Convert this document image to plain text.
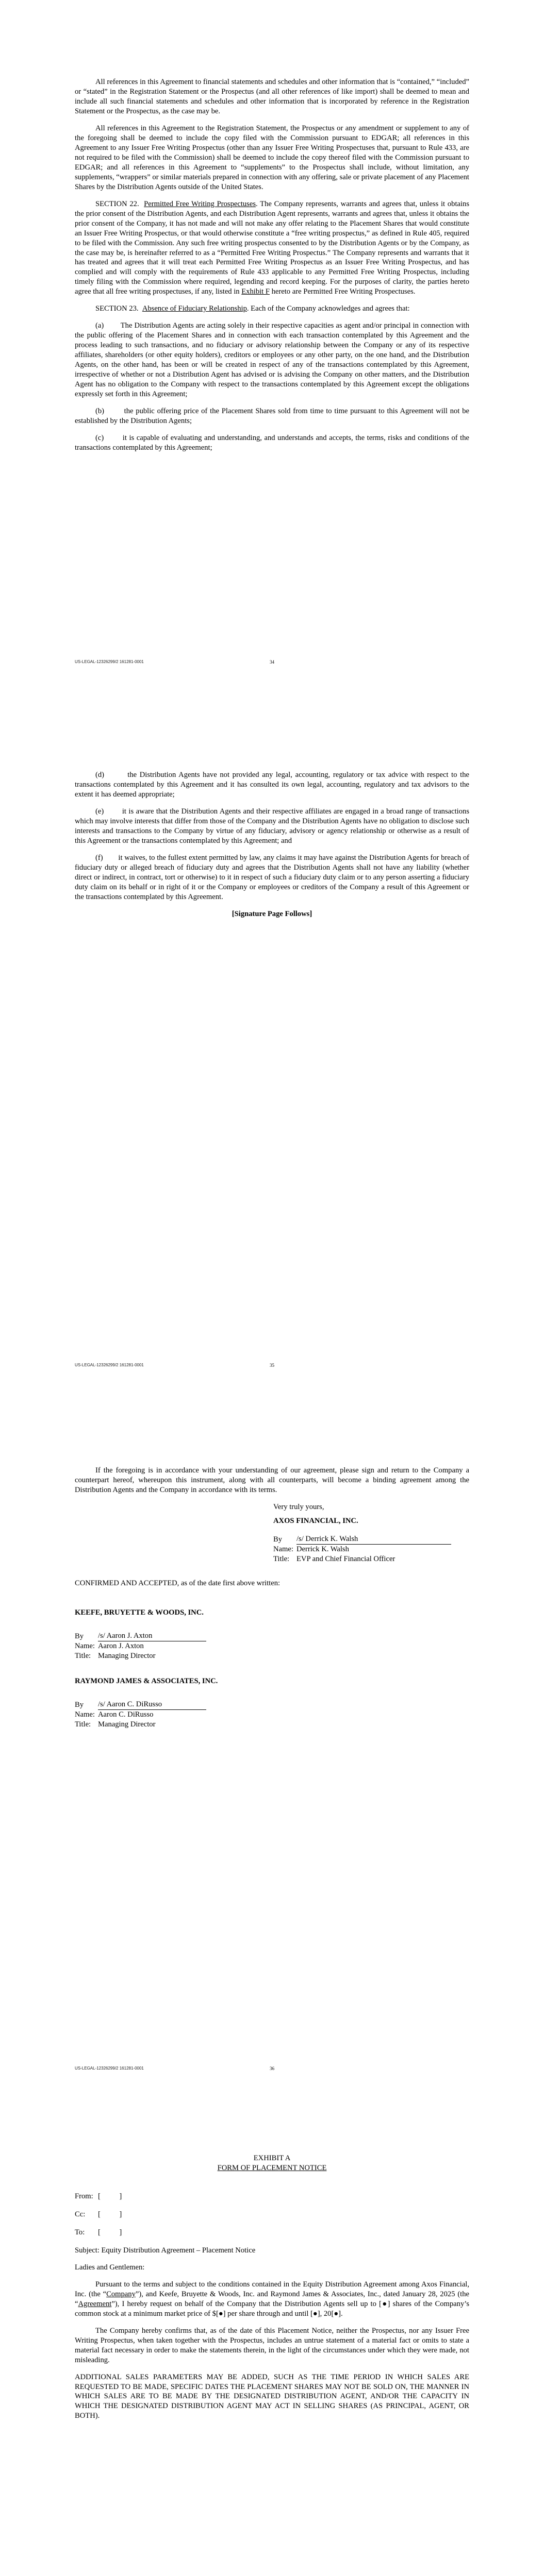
All references in this Agreement to financial statements and schedules and other information that is “contained,” “included” or “stated” in the Registration Statement or the Prospectus (and all other references of like import) shall be deemed to mean and include all such financial statements and schedules and other information that is incorporated by reference in the Registration Statement or the Prospectus, as the case may be.

All references in this Agreement to the Registration Statement, the Prospectus or any amendment or supplement to any of the foregoing shall be deemed to include the copy filed with the Commission pursuant to EDGAR; all references in this Agreement to any Issuer Free Writing Prospectus (other than any Issuer Free Writing Prospectuses that, pursuant to Rule 433, are not required to be filed with the Commission) shall be deemed to include the copy thereof filed with the Commission pursuant to EDGAR; and all references in this Agreement to “supplements” to the Prospectus shall include, without limitation, any supplements, “wrappers” or similar materials prepared in connection with any offering, sale or private placement of any Placement Shares by the Distribution Agents outside of the United States.

SECTION 22. Permitted Free Writing Prospectuses. The Company represents, warrants and agrees that, unless it obtains the prior consent of the Distribution Agents, and each Distribution Agent represents, warrants and agrees that, unless it obtains the prior consent of the Company, it has not made and will not make any offer relating to the Placement Shares that would constitute an Issuer Free Writing Prospectus, or that would otherwise constitute a “free writing prospectus,” as defined in Rule 405, required to be filed with the Commission. Any such free writing prospectus consented to by the Distribution Agents or by the Company, as the case may be, is hereinafter referred to as a “Permitted Free Writing Prospectus.” The Company represents and warrants that it has treated and agrees that it will treat each Permitted Free Writing Prospectus as an Issuer Free Writing Prospectus, and has complied and will comply with the requirements of Rule 433 applicable to any Permitted Free Writing Prospectus, including timely filing with the Commission where required, legending and record keeping. For the purposes of clarity, the parties hereto agree that all free writing prospectuses, if any, listed in Exhibit F hereto are Permitted Free Writing Prospectuses.

SECTION 23. Absence of Fiduciary Relationship. Each of the Company acknowledges and agrees that:

(a) The Distribution Agents are acting solely in their respective capacities as agent and/or principal in connection with the public offering of the Placement Shares and in connection with each transaction contemplated by this Agreement and the process leading to such transactions, and no fiduciary or advisory relationship between the Company or any of its respective affiliates, shareholders (or other equity holders), creditors or employees or any other party, on the one hand, and the Distribution Agents, on the other hand, has been or will be created in respect of any of the transactions contemplated by this Agreement, irrespective of whether or not a Distribution Agent has advised or is advising the Company on other matters, and the Distribution Agent has no obligation to the Company with respect to the transactions contemplated by this Agreement except the obligations expressly set forth in this Agreement;

(b)	the public offering price of the Placement Shares sold from time to time pursuant to this Agreement will not be established by the Distribution Agents;

(c)	it is capable of evaluating and understanding, and understands and accepts, the terms, risks and conditions of the transactions contemplated by this Agreement;

US-LEGAL-12326299/2 161281-0001	34

(d)	the Distribution Agents have not provided any legal, accounting, regulatory or tax advice with respect to the transactions contemplated by this Agreement and it has consulted its own legal, accounting, regulatory and tax advisors to the extent it has deemed appropriate;

(e) it is aware that the Distribution Agents and their respective affiliates are engaged in a broad range of transactions which may involve interests that differ from those of the Company and the Distribution Agents have no obligation to disclose such interests and transactions to the Company by virtue of any fiduciary, advisory or agency relationship or otherwise as a result of this Agreement or the transactions contemplated by this Agreement; and

(f) it waives, to the fullest extent permitted by law, any claims it may have against the Distribution Agents for breach of fiduciary duty or alleged breach of fiduciary duty and agrees that the Distribution Agents shall not have any liability (whether direct or indirect, in contract, tort or otherwise) to it in respect of such a fiduciary duty claim or to any person asserting a fiduciary duty claim on its behalf or in right of it or the Company or employees or creditors of the Company a result of this Agreement or the transactions contemplated by this Agreement.

[Signature Page Follows]

US-LEGAL-12326299/2 161281-0001	35

If the foregoing is in accordance with your understanding of our agreement, please sign and return to the Company a counterpart hereof, whereupon this instrument, along with all counterparts, will become a binding agreement among the Distribution Agents and the Company in accordance with its terms.

Very truly yours,

AXOS FINANCIAL, INC.

By	/s/ Derrick K. Walsh
Name: Derrick K. Walsh
Title: EVP and Chief Financial Officer

CONFIRMED AND ACCEPTED, as of the date first above written:

KEEFE, BRUYETTE & WOODS, INC.

By	/s/ Aaron J. Axton
Name: Aaron J. Axton
Title: Managing Director

RAYMOND JAMES & ASSOCIATES, INC.

By	/s/ Aaron C. DiRusso
Name: Aaron C. DiRusso
Title: Managing Director
US-LEGAL-12326299/2 161281-0001	36

EXHIBIT A

FORM OF PLACEMENT NOTICE

From: [          ]
Cc:	[          ]
To:	[          ]

Subject: Equity Distribution Agreement – Placement Notice

Ladies and Gentlemen:

Pursuant to the terms and subject to the conditions contained in the Equity Distribution Agreement among Axos Financial, Inc. (the “Company”), and Keefe, Bruyette & Woods, Inc. and Raymond James & Associates, Inc., dated January 28, 2025 (the “Agreement”), I hereby request on behalf of the Company that the Distribution Agents sell up to [●] shares of the Company’s common stock at a minimum market price of $[●] per share through and until [●], 20[●].

The Company hereby confirms that, as of the date of this Placement Notice, neither the Prospectus, nor any Issuer Free Writing Prospectus, when taken together with the Prospectus, includes an untrue statement of a material fact or omits to state a material fact necessary in order to make the statements therein, in the light of the circumstances under which they were made, not misleading.

ADDITIONAL SALES PARAMETERS MAY BE ADDED, SUCH AS THE TIME PERIOD IN WHICH SALES ARE REQUESTED TO BE MADE, SPECIFIC DATES THE PLACEMENT SHARES MAY NOT BE SOLD ON, THE MANNER IN WHICH SALES ARE TO BE MADE BY THE DESIGNATED DISTRIBUTION AGENT, AND/OR THE CAPACITY IN WHICH THE DESIGNATED DISTRIBUTION AGENT MAY ACT IN SELLING SHARES (AS PRINCIPAL, AGENT, OR BOTH).
